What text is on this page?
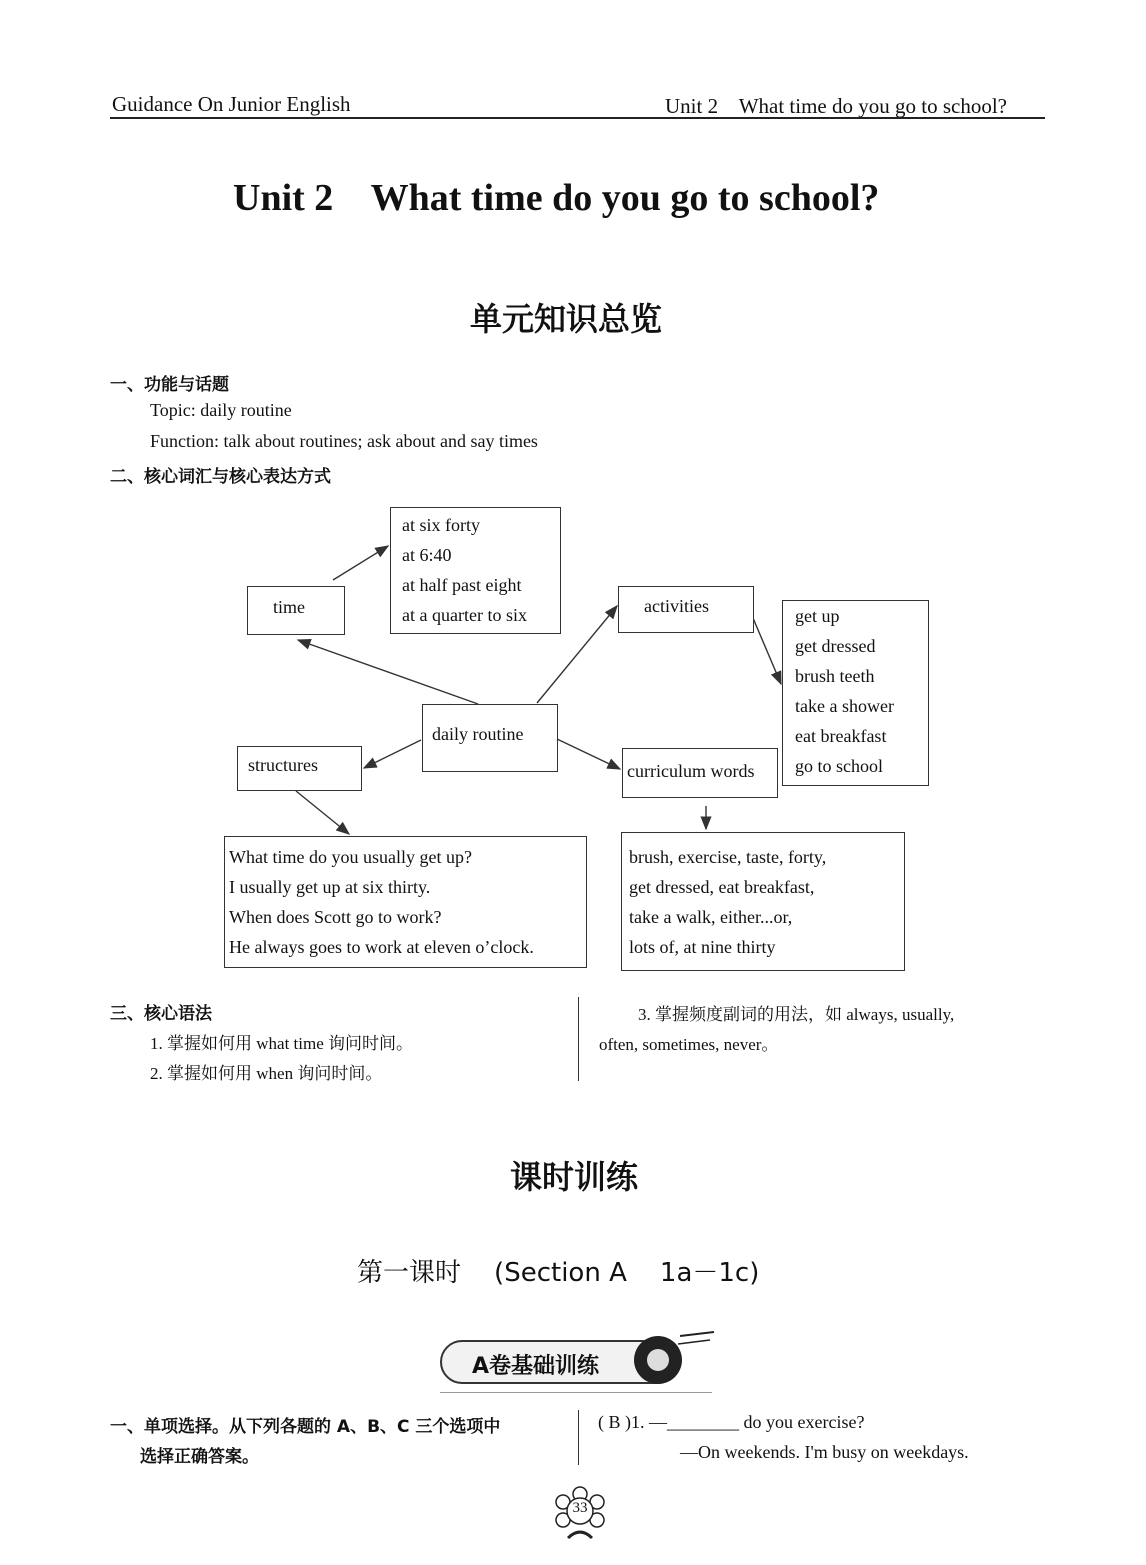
Guidance On Junior English	Unit 2    What time do you go to school?
Unit 2    What time do you go to school?
单元知识总览
一、功能与话题
Topic: daily routine
Function: talk about routines; ask about and say times
二、核心词汇与核心表达方式
at six forty
at 6:40
at half past eight
at a quarter to six
time	activities	get up
get dressed
brush teeth
take a shower
eat breakfast
go to school
daily routine
structures	curriculum words
What time do you usually get up?
I usually get up at six thirty.
When does Scott go to work?
He always goes to work at eleven o’clock.
brush, exercise, taste, forty,
get dressed, eat breakfast,
take a walk, either...or,
lots of, at nine thirty
三、核心语法
1. 掌握如何用 what time 询问时间。
2. 掌握如何用 when 询问时间。
3. 掌握频度副词的用法，如 always, usually,
often, sometimes, never。
课时训练
第一课时    (Section A    1a－1c)
A卷基础训练
一、单项选择。从下列各题的 A、B、C 三个选项中
选择正确答案。
( B )1. —________ do you exercise?
—On weekends. I'm busy on weekdays.
33
